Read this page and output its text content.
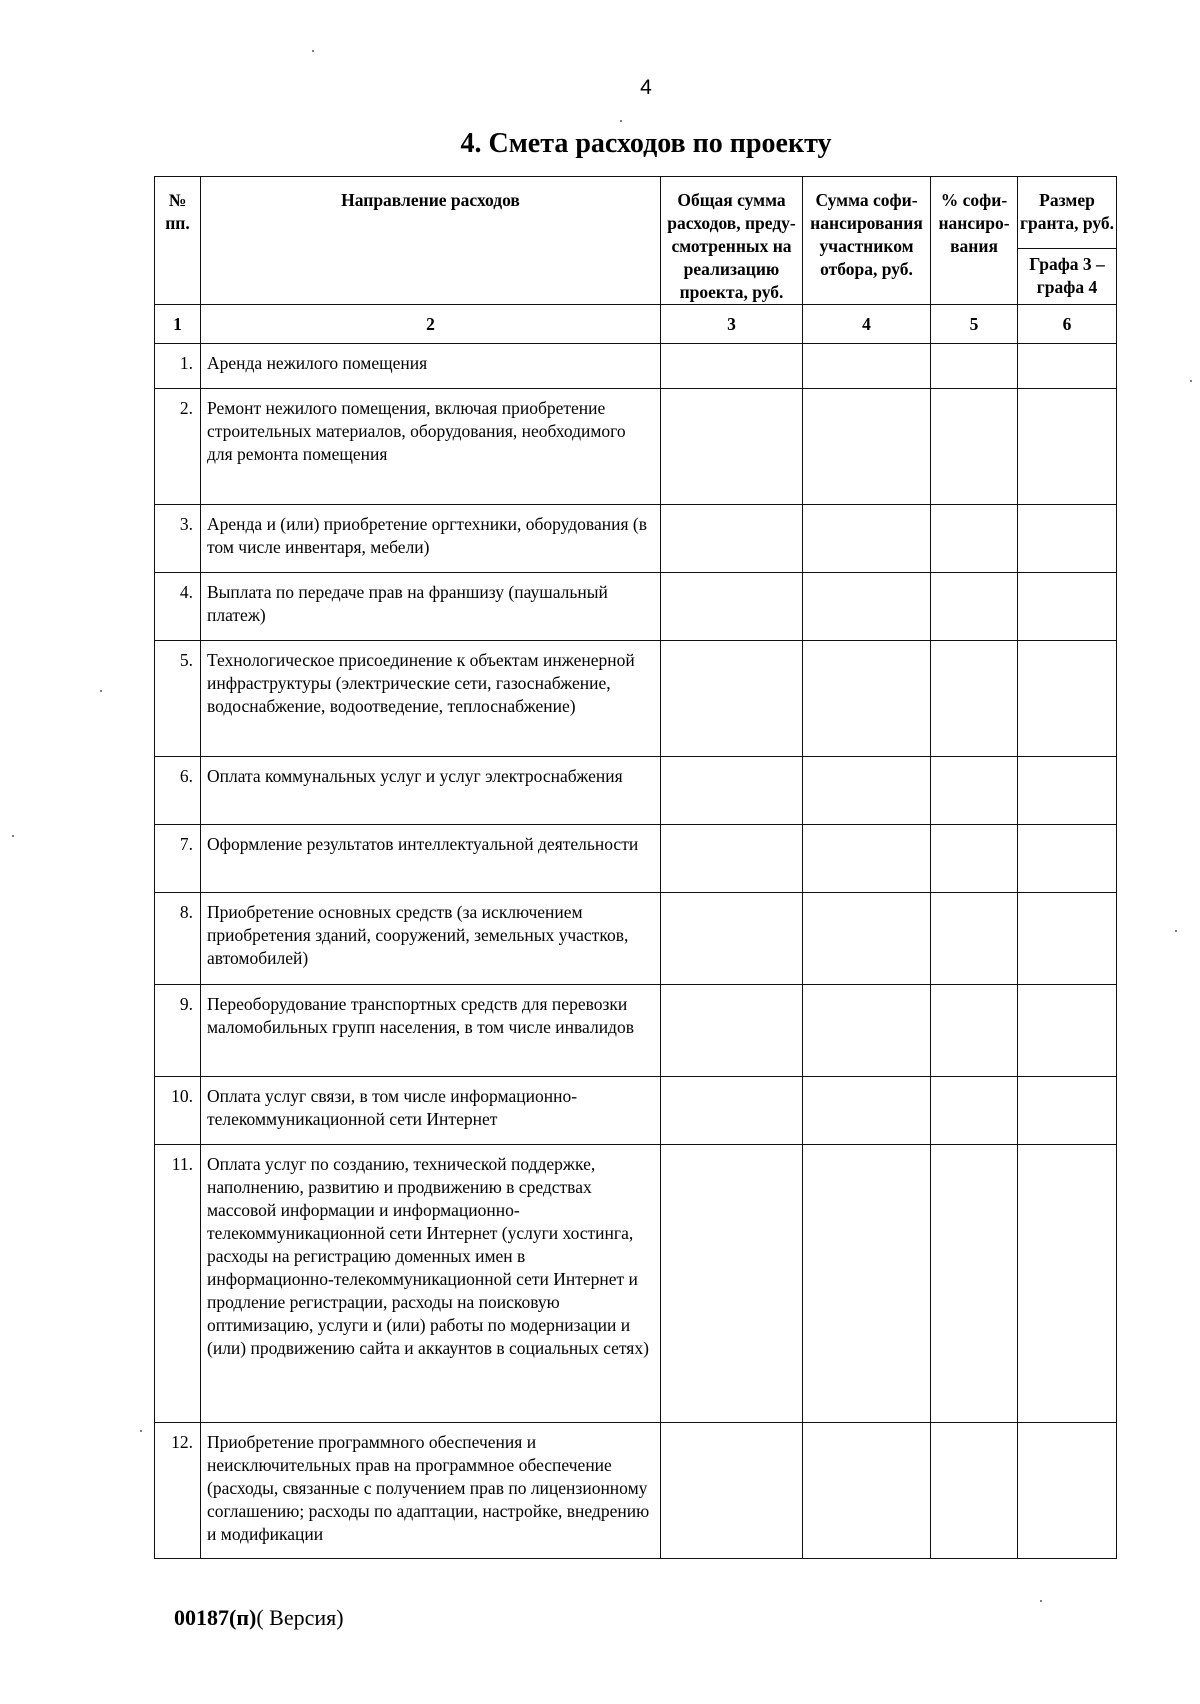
4
4. Смета расходов по проекту
№ пп.	Направление расходов	Общая сумма расходов, преду-смотренных на реализацию проекта, руб.	Сумма софи-нансирования участником отбора, руб.	% софи-нансиро-вания	Размер гранта, руб.
					Графа 3 – графа 4
1	2	3	4	5	6
1.	Аренда нежилого помещения				
2.	Ремонт нежилого помещения, включая приобретение строительных материалов, оборудования, необходимого для ремонта помещения				
3.	Аренда и (или) приобретение оргтехники, оборудования (в том числе инвентаря, мебели)				
4.	Выплата по передаче прав на франшизу (паушальный платеж)				
5.	Технологическое присоединение к объектам инженерной инфраструктуры (электрические сети, газоснабжение, водоснабжение, водоотведение, теплоснабжение)				
6.	Оплата коммунальных услуг и услуг электроснабжения				
7.	Оформление результатов интеллектуальной деятельности				
8.	Приобретение основных средств (за исключением приобретения зданий, сооружений, земельных участков, автомобилей)				
9.	Переоборудование транспортных средств для перевозки маломобильных групп населения, в том числе инвалидов				
10.	Оплата услуг связи, в том числе информационно-телекоммуникационной сети Интернет				
11.	Оплата услуг по созданию, технической поддержке, наполнению, развитию и продвижению в средствах массовой информации и информационно-телекоммуникационной сети Интернет (услуги хостинга, расходы на регистрацию доменных имен в информационно-телекоммуникационной сети Интернет и продление регистрации, расходы на поисковую оптимизацию, услуги и (или) работы по модернизации и (или) продвижению сайта и аккаунтов в социальных сетях)				
12.	Приобретение программного обеспечения и неисключительных прав на программное обеспечение (расходы, связанные с получением прав по лицензионному соглашению; расходы по адаптации, настройке, внедрению и модификации				
00187(п)( Версия)
